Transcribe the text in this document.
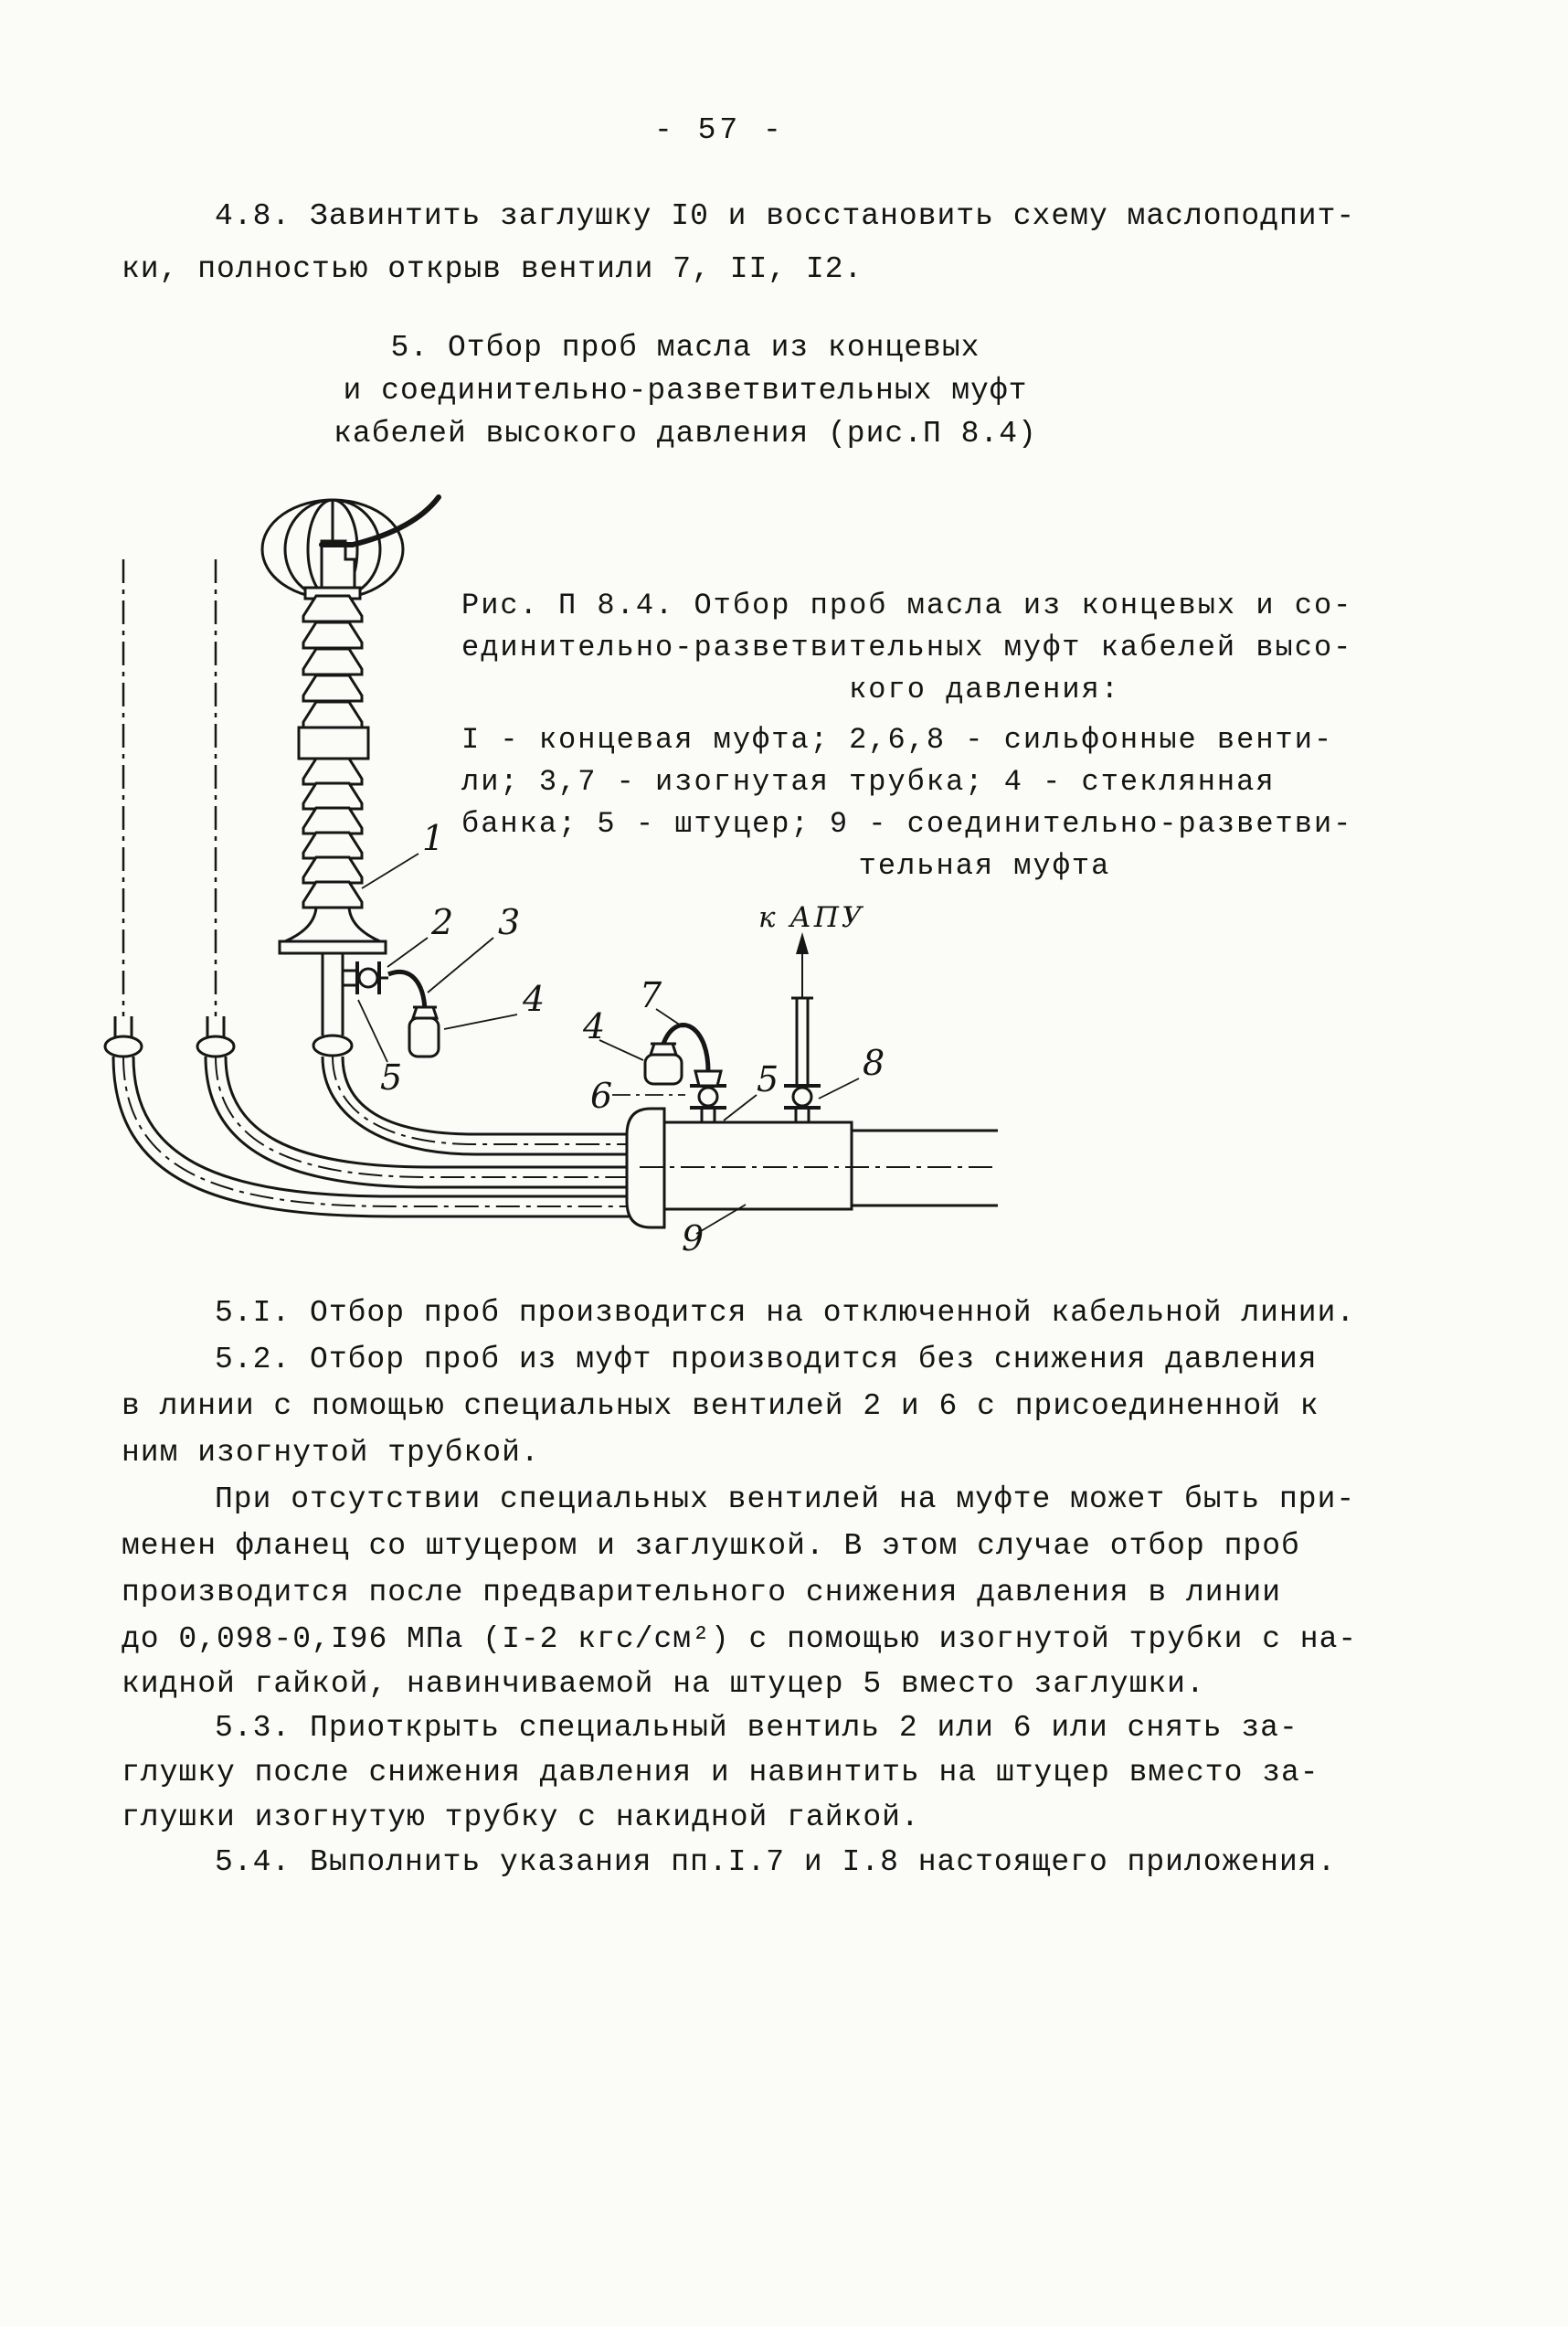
- 57 -
4.8. Завинтить заглушку I0 и восстановить схему маслоподпит-
ки, полностью открыв вентили 7, II, I2.
5. Отбор проб масла из концевых
и соединительно-разветвительных муфт
кабелей высокого давления (рис.П 8.4)
Рис. П 8.4. Отбор проб масла из концевых и со-
единительно-разветвительных муфт кабелей высо-
кого давления:
I - концевая муфта; 2,6,8 - сильфонные венти-
ли; 3,7 - изогнутая трубка; 4 - стеклянная
банка; 5 - штуцер; 9 - соединительно-разветви-
тельная муфта
к АПУ
1
2 3
4
5
7
4
6	5 8
9
5.I. Отбор проб производится на отключенной кабельной линии.
5.2. Отбор проб из муфт производится без снижения давления
в линии с помощью специальных вентилей 2 и 6 с присоединенной к
ним изогнутой трубкой.
При отсутствии специальных вентилей на муфте может быть при-
менен фланец со штуцером и заглушкой. В этом случае отбор проб
производится после предварительного снижения давления в линии
до 0,098-0,I96 МПа (I-2 кгс/см²) с помощью изогнутой трубки с на-
кидной гайкой, навинчиваемой на штуцер 5 вместо заглушки.
5.3. Приоткрыть специальный вентиль 2 или 6 или снять за-
глушку после снижения давления и навинтить на штуцер вместо за-
глушки изогнутую трубку с накидной гайкой.
5.4. Выполнить указания пп.I.7 и I.8 настоящего приложения.
